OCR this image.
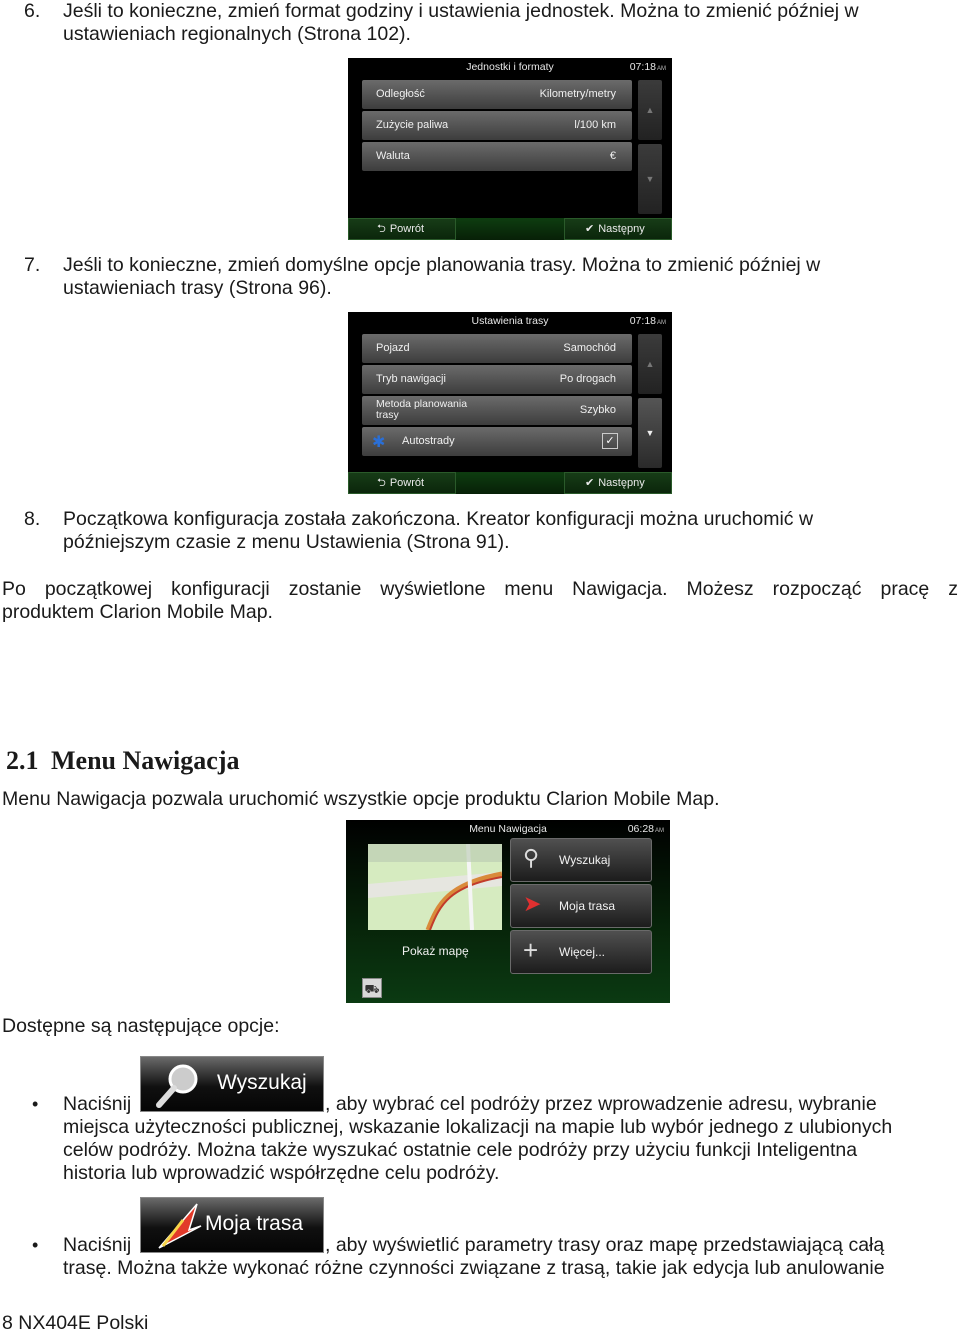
6. Jeśli to konieczne, zmień format godziny i ustawienia jednostek. Można to zmienić później w
ustawieniach regionalnych (Strona 102).
Jednostki i formaty	07:18AM
Odległość	Kilometry/metry
Zużycie paliwa	l/100 km
Waluta	€
▲
▼
⮌ Powrót	✔ Następny
7. Jeśli to konieczne, zmień domyślne opcje planowania trasy. Można to zmienić później w
ustawieniach trasy (Strona 96).
Ustawienia trasy	07:18AM
Pojazd	Samochód
Tryb nawigacji	Po drogach
Metoda planowania trasy	Szybko
✱ Autostrady	✓
▲
▼
⮌ Powrót	✔ Następny
8. Początkowa konfiguracja została zakończona. Kreator konfiguracji można uruchomić w
późniejszym czasie z menu Ustawienia (Strona 91).
Po początkowej konfiguracji zostanie wyświetlone menu Nawigacja. Możesz rozpocząć pracę z
produktem Clarion Mobile Map.
2.1 Menu Nawigacja
Menu Nawigacja pozwala uruchomić wszystkie opcje produktu Clarion Mobile Map.
Menu Nawigacja	06:28AM
Pokaż mapę
⚲ Wyszukaj
➤ Moja trasa
+ Więcej...
⛟
Dostępne są następujące opcje:
• Naciśnij
Wyszukaj
, aby wybrać cel podróży przez wprowadzenie adresu, wybranie
miejsca użyteczności publicznej, wskazanie lokalizacji na mapie lub wybór jednego z ulubionych
celów podróży. Można także wyszukać ostatnie cele podróży przy użyciu funkcji Inteligentna
historia lub wprowadzić współrzędne celu podróży.
• Naciśnij
Moja trasa
, aby wyświetlić parametry trasy oraz mapę przedstawiającą całą
trasę. Można także wykonać różne czynności związane z trasą, takie jak edycja lub anulowanie
8 NX404E Polski
